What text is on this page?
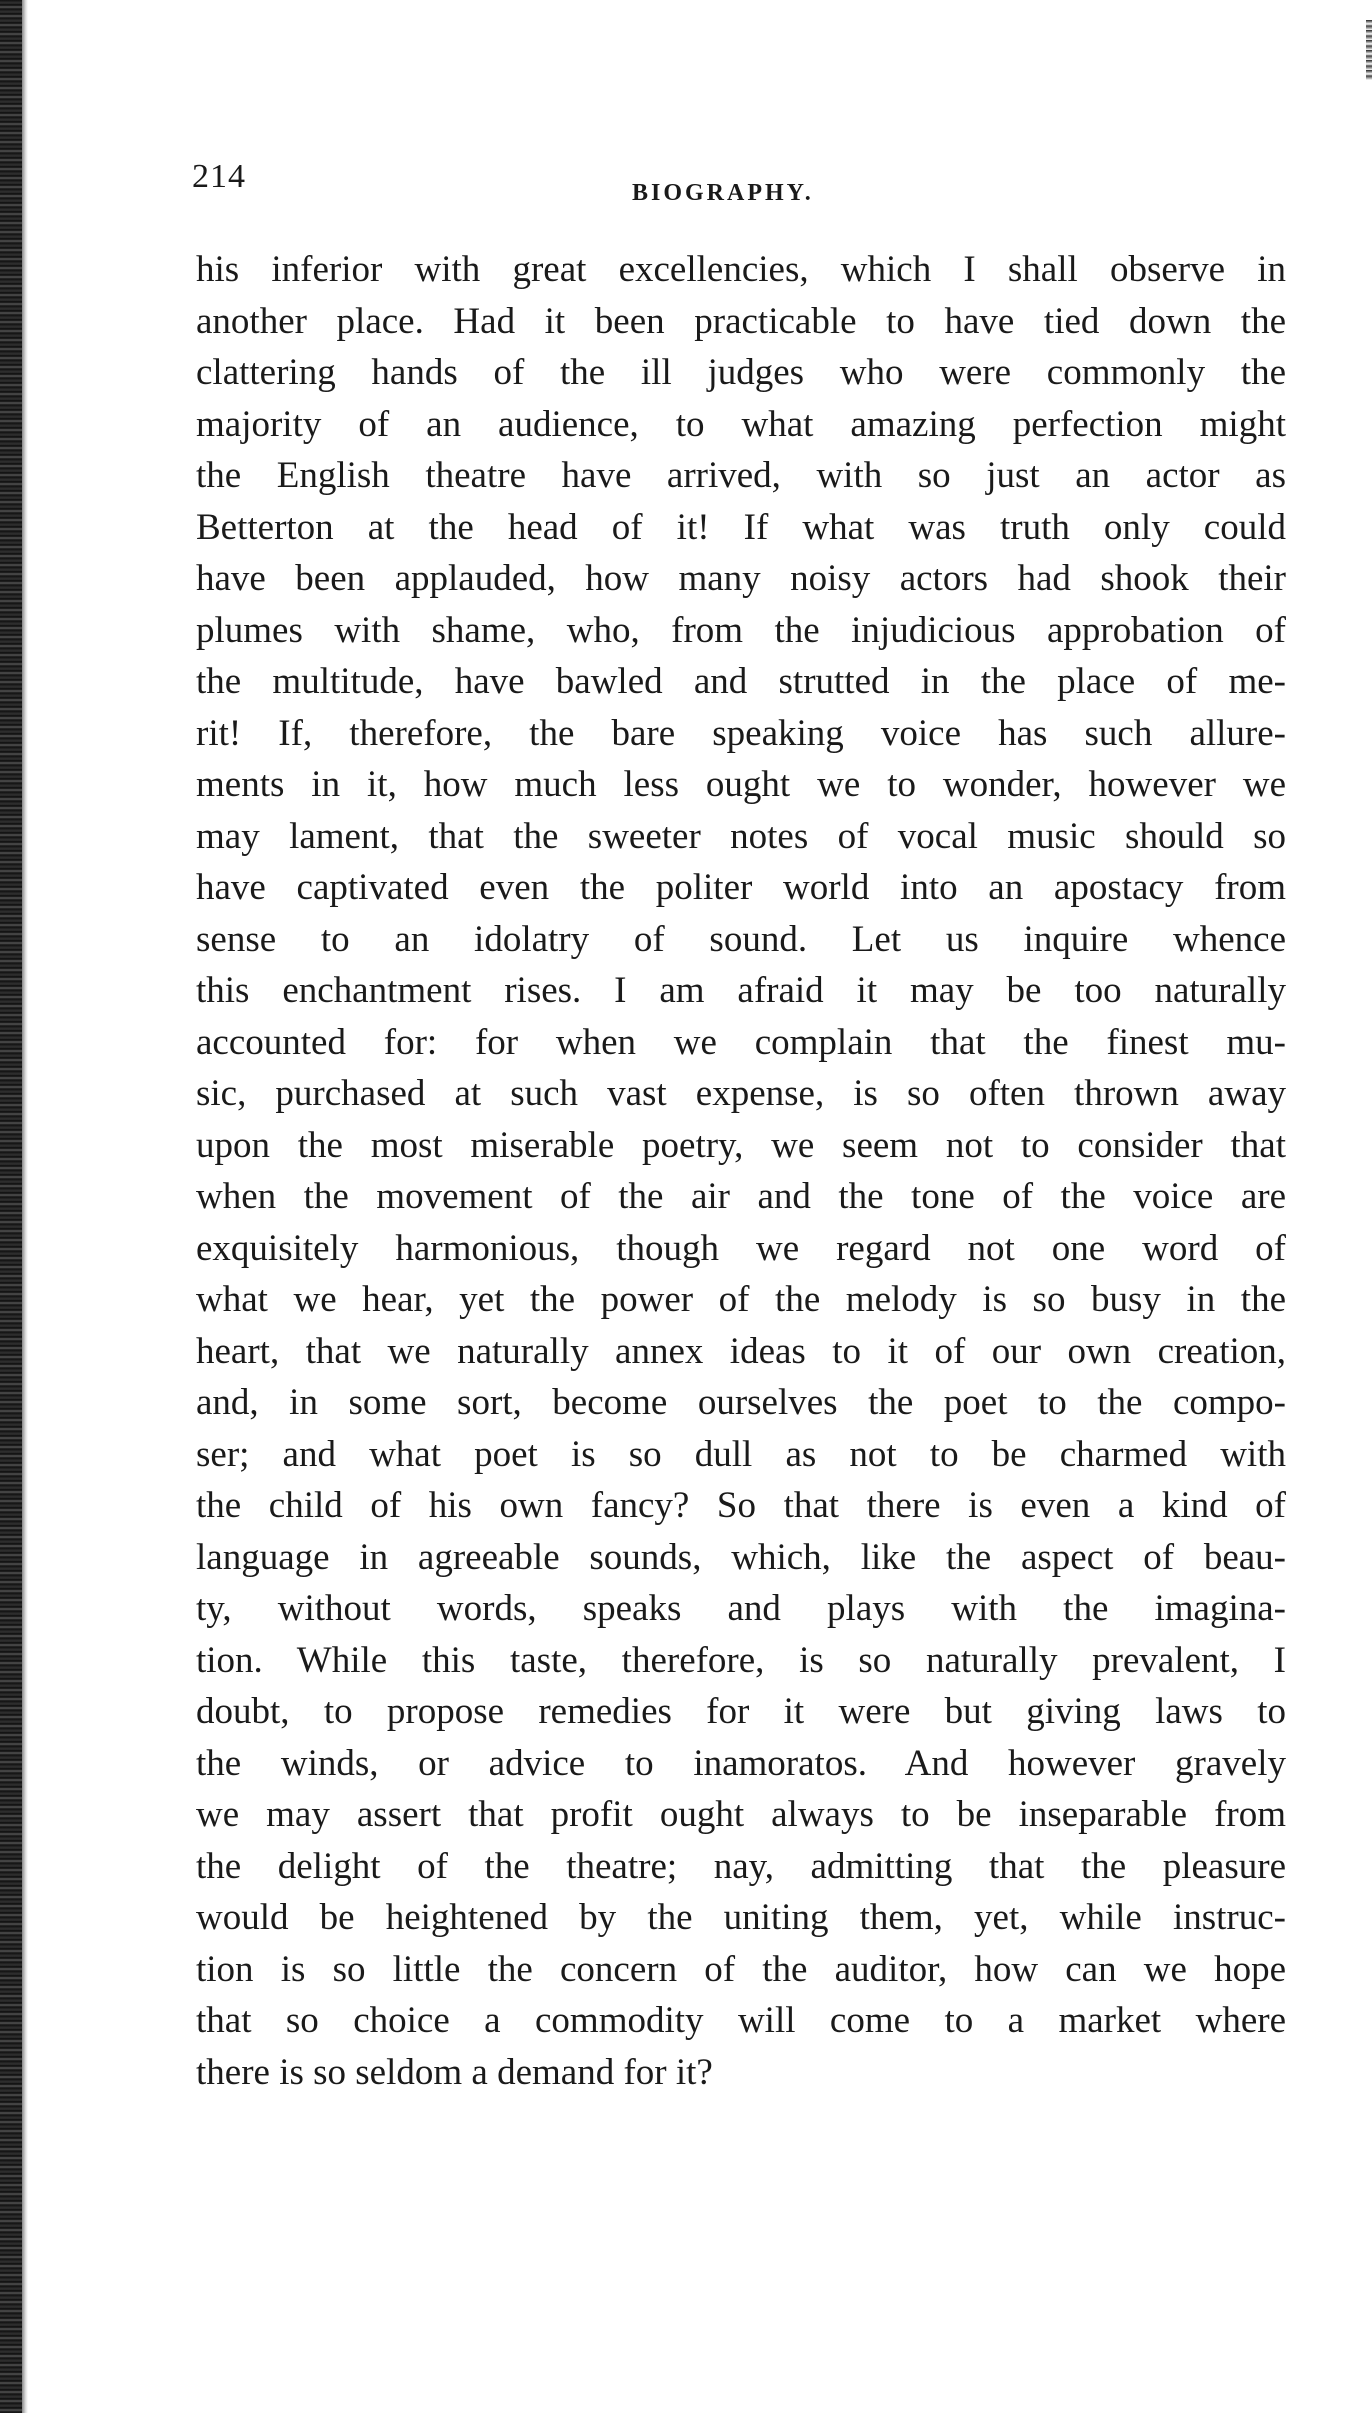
214	BIOGRAPHY.
his inferior with great excellencies, which I shall observe in
another place. Had it been practicable to have tied down the
clattering hands of the ill judges who were commonly the
majority of an audience, to what amazing perfection might
the English theatre have arrived, with so just an actor as
Betterton at the head of it! If what was truth only could
have been applauded, how many noisy actors had shook their
plumes with shame, who, from the injudicious approbation of
the multitude, have bawled and strutted in the place of me-
rit! If, therefore, the bare speaking voice has such allure-
ments in it, how much less ought we to wonder, however we
may lament, that the sweeter notes of vocal music should so
have captivated even the politer world into an apostacy from
sense to an idolatry of sound. Let us inquire whence
this enchantment rises. I am afraid it may be too naturally
accounted for: for when we complain that the finest mu-
sic, purchased at such vast expense, is so often thrown away
upon the most miserable poetry, we seem not to consider that
when the movement of the air and the tone of the voice are
exquisitely harmonious, though we regard not one word of
what we hear, yet the power of the melody is so busy in the
heart, that we naturally annex ideas to it of our own creation,
and, in some sort, become ourselves the poet to the compo-
ser; and what poet is so dull as not to be charmed with
the child of his own fancy? So that there is even a kind of
language in agreeable sounds, which, like the aspect of beau-
ty, without words, speaks and plays with the imagina-
tion. While this taste, therefore, is so naturally prevalent, I
doubt, to propose remedies for it were but giving laws to
the winds, or advice to inamoratos. And however gravely
we may assert that profit ought always to be inseparable from
the delight of the theatre; nay, admitting that the pleasure
would be heightened by the uniting them, yet, while instruc-
tion is so little the concern of the auditor, how can we hope
that so choice a commodity will come to a market where
there is so seldom a demand for it?
